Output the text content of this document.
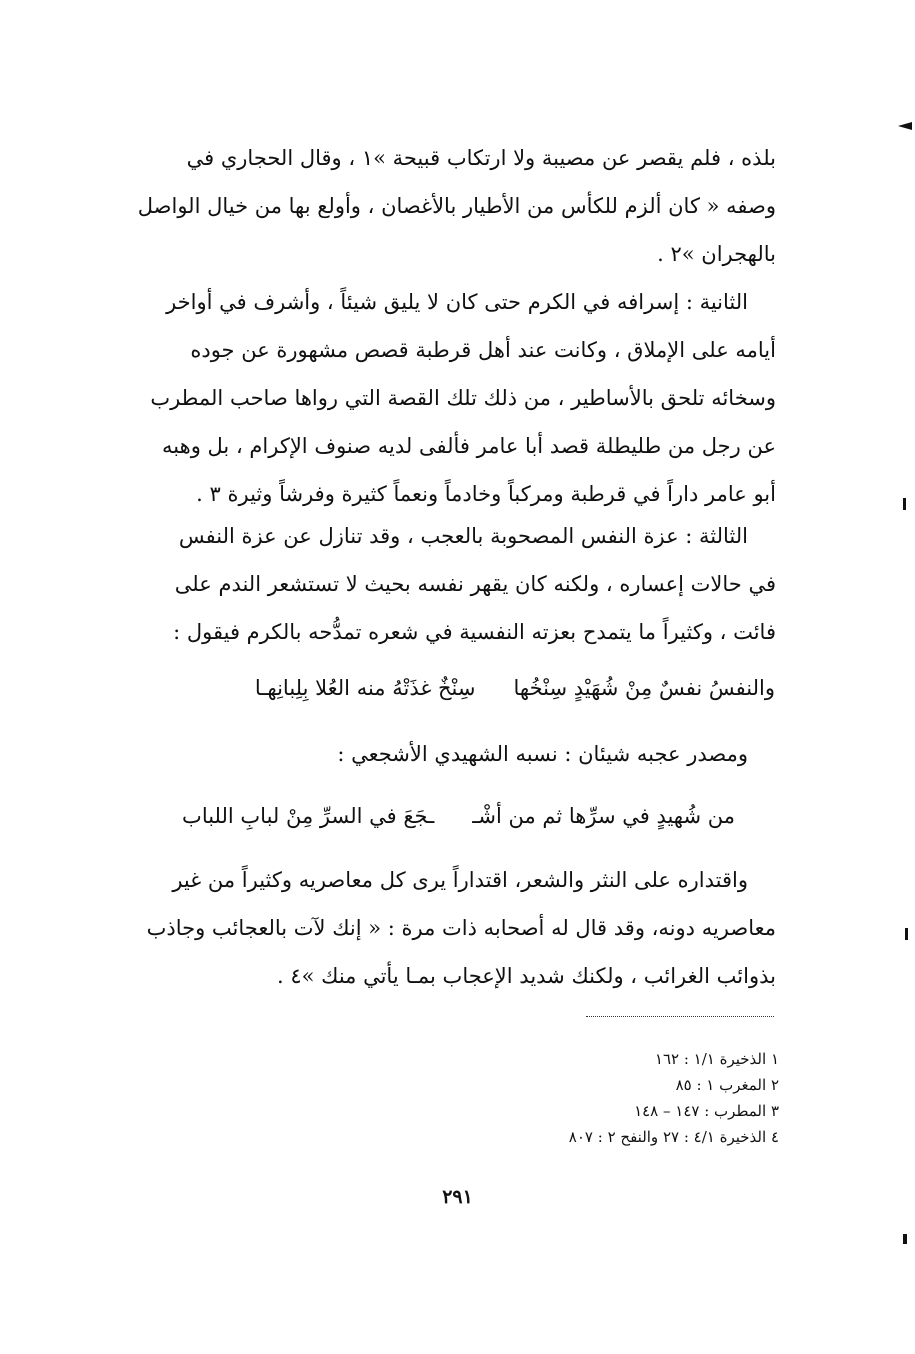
بلذه ، فلم يقصر عن مصيبة ولا ارتكاب قبيحة »١ ، وقال الحجاري في

وصفه « كان ألزم للكأس من الأطيار بالأغصان ، وأولع بها من خيال الواصل

بالهجران »٢ .

الثانية : إسرافه في الكرم حتى كان لا يليق شيئاً ، وأشرف في أواخر

أيامه على الإملاق ، وكانت عند أهل قرطبة قصص مشهورة عن جوده

وسخائه تلحق بالأساطير ، من ذلك تلك القصة التي رواها صاحب المطرب

عن رجل من طليطلة قصد أبا عامر فألفى لديه صنوف الإكرام ، بل وهبه

أبو عامر داراً في قرطبة ومركباً وخادماً ونعماً كثيرة وفرشاً وثيرة ٣ .

الثالثة : عزة النفس المصحوبة بالعجب ، وقد تنازل عن عزة النفس

في حالات إعساره ، ولكنه كان يقهر نفسه بحيث لا تستشعر الندم على

فائت ، وكثيراً ما يتمدح بعزته النفسية في شعره تمدُّحه بالكرم فيقول :

والنفسُ نفسٌ مِنْ شُهَيْدٍ سِنْخُهاسِنْخٌ غذَتْهُ منه العُلا بِلِبانِهـا

ومصدر عجبه شيئان : نسبه الشهيدي الأشجعي :

من شُهيدٍ في سرِّها ثم من أشْــجَعَ في السرِّ مِنْ لبابِ اللباب

واقتداره على النثر والشعر، اقتداراً يرى كل معاصريه وكثيراً من غير

معاصريه دونه، وقد قال له أصحابه ذات مرة : « إنك لآت بالعجائب وجاذب

بذوائب الغرائب ، ولكنك شديد الإعجاب بمـا يأتي منك »٤ .

١ الذخيرة ١/١ : ١٦٢
٢ المغرب ١ : ٨٥
٣ المطرب : ١٤٧ – ١٤٨
٤ الذخيرة ٤/١ : ٢٧ والنفح ٢ : ٨٠٧
٢٩١
